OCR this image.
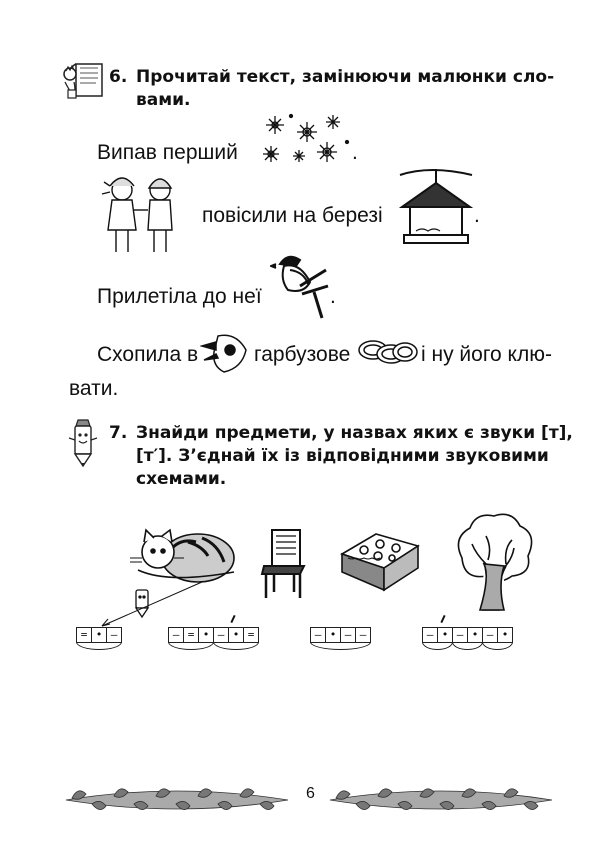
6. Прочитай текст, замінюючи малюнки сло-
вами.
Випав перший	.
повісили на березі	.
Прилетіла до неї	.
Схопила в	гарбузове	і ну його клю-
вати.
7. Знайди предмети, у назвах яких є звуки [т],
[т′]. З’єднай їх із відповідними звуковими
схемами.
= • –	– = • – • =	– • – –	– • – • – •
6
